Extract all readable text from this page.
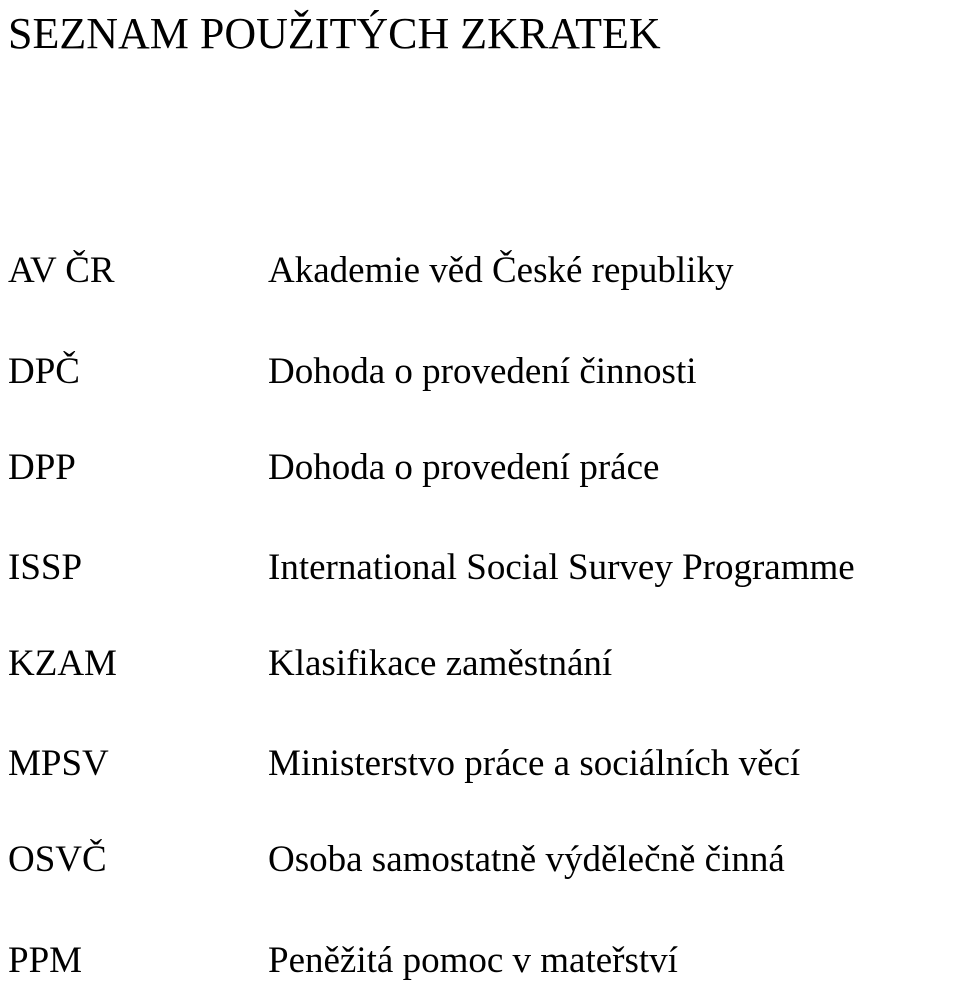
SEZNAM POUŽITÝCH ZKRATEK
AV ČR	Akademie věd České republiky
DPČ	Dohoda o provedení činnosti
DPP	Dohoda o provedení práce
ISSP	International Social Survey Programme
KZAM	Klasifikace zaměstnání
MPSV	Ministerstvo práce a sociálních věcí
OSVČ	Osoba samostatně výdělečně činná
PPM	Peněžitá pomoc v mateřství
